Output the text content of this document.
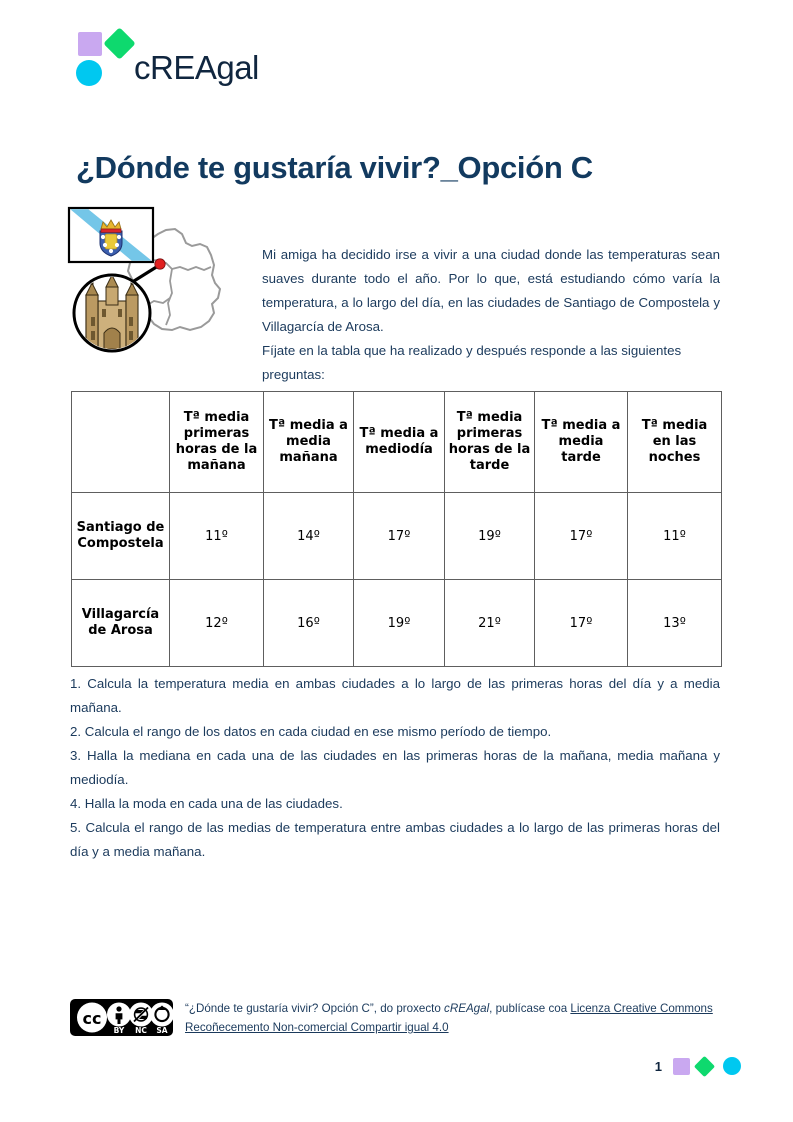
cREAgal
¿Dónde te gustaría vivir?_Opción C
Mi amiga ha decidido irse a vivir a una ciudad donde las temperaturas sean suaves durante todo el año. Por lo que, está estudiando cómo varía la temperatura, a lo largo del día, en las ciudades de Santiago de Compostela y Villagarcía de Arosa.
Fíjate en la tabla que ha realizado y después responde a las siguientes preguntas:
	Tª media primeras horas de la mañana	Tª media a media mañana	Tª media a mediodía	Tª media primeras horas de la tarde	Tª media a media tarde	Tª media en las noches
Santiago de Compostela	11º	14º	17º	19º	17º	11º
Villagarcía de Arosa	12º	16º	19º	21º	17º	13º

1. Calcula la temperatura media en ambas ciudades a lo largo de las primeras horas del día y a media mañana.

2. Calcula el rango de los datos en cada ciudad en ese mismo período de tiempo.

3. Halla la mediana en cada una de las ciudades en las primeras horas de la mañana, media mañana y mediodía.

4. Halla la moda en cada una de las ciudades.

5. Calcula el rango de las medias de temperatura entre ambas ciudades a lo largo de las primeras horas del día y a media mañana.

cc
BY NC SA
“¿Dónde te gustaría vivir? Opción C”, do proxecto cREAgal, publícase coa Licenza Creative Commons Recoñecemento Non-comercial Compartir igual 4.0
1
